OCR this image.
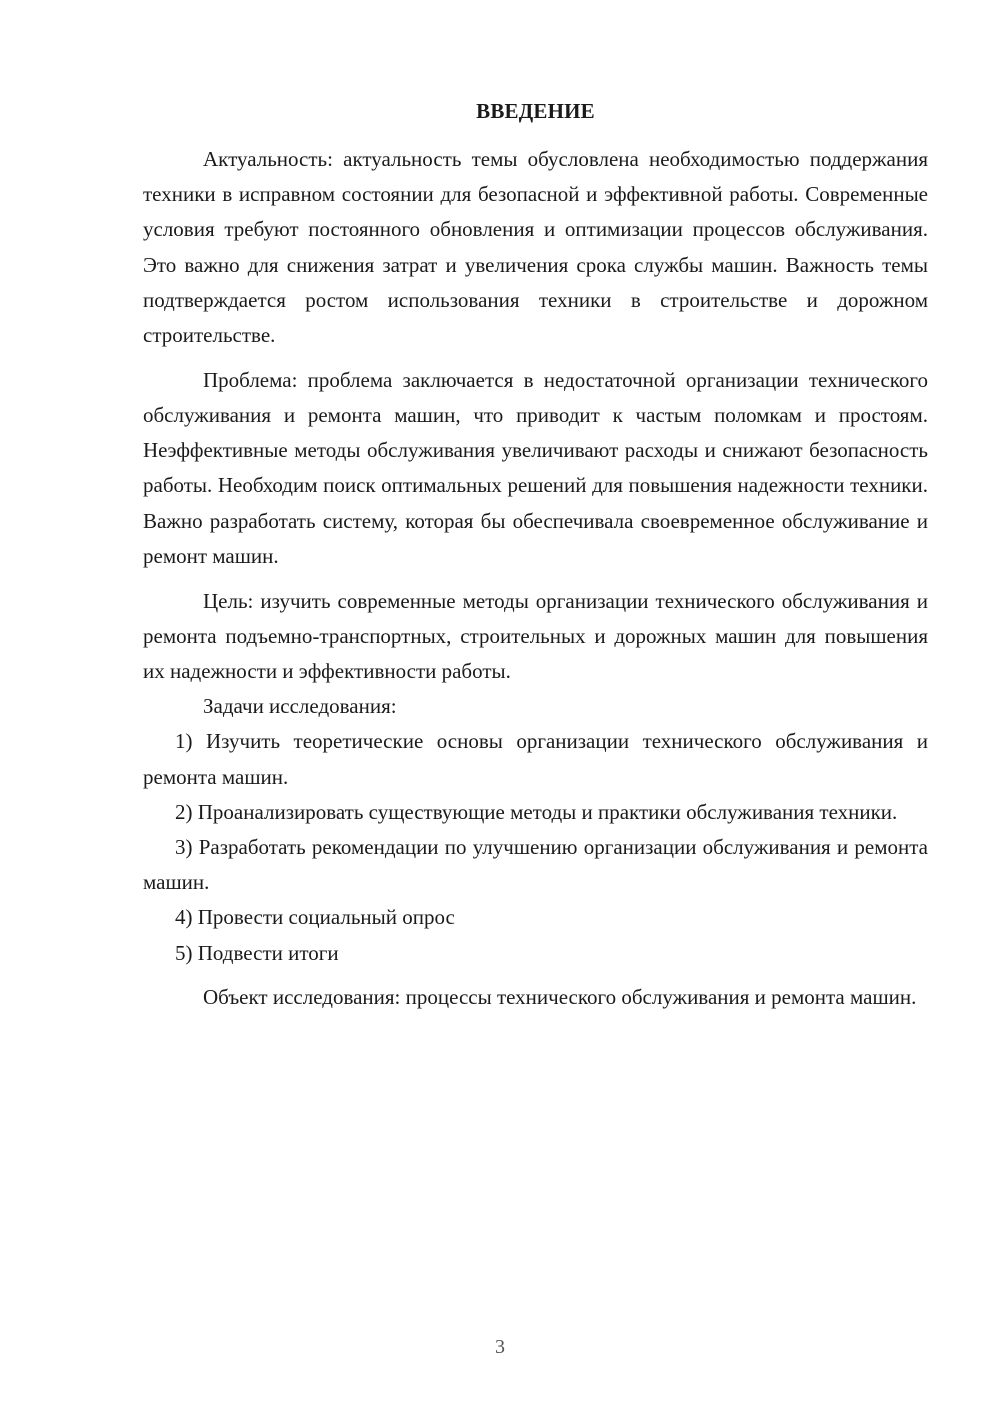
ВВЕДЕНИЕ

Актуальность: актуальность темы обусловлена необходимостью поддержания техники в исправном состоянии для безопасной и эффективной работы. Современные условия требуют постоянного обновления и оптимизации процессов обслуживания. Это важно для снижения затрат и увеличения срока службы машин. Важность темы подтверждается ростом использования техники в строительстве и дорожном строительстве.

Проблема: проблема заключается в недостаточной организации технического обслуживания и ремонта машин, что приводит к частым поломкам и простоям. Неэффективные методы обслуживания увеличивают расходы и снижают безопасность работы. Необходим поиск оптимальных решений для повышения надежности техники. Важно разработать систему, которая бы обеспечивала своевременное обслуживание и ремонт машин.

Цель: изучить современные методы организации технического обслуживания и ремонта подъемно-транспортных, строительных и дорожных машин для повышения их надежности и эффективности работы.

Задачи исследования:

1) Изучить теоретические основы организации технического обслуживания и ремонта машин.

2) Проанализировать существующие методы и практики обслуживания техники.

3) Разработать рекомендации по улучшению организации обслуживания и ремонта машин.

4) Провести социальный опрос

5) Подвести итоги

Объект исследования: процессы технического обслуживания и ремонта машин.

3
